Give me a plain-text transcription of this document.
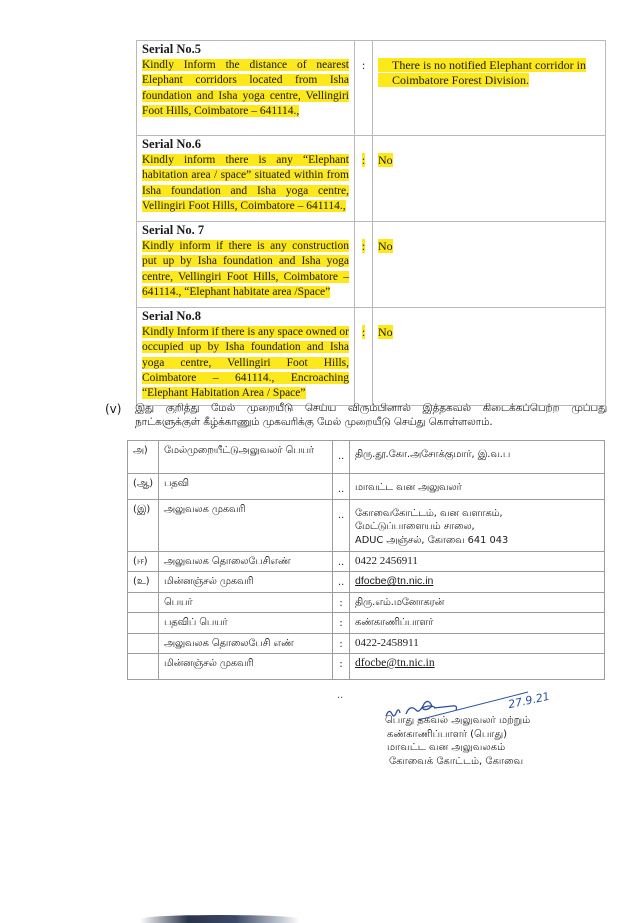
Serial No.5
Kindly Inform the distance of nearest Elephant corridors located from Isha foundation and Isha yoga centre, Vellingiri Foot Hills, Coimbatore – 641114.,	:	There is no notified Elephant corridor in Coimbatore Forest Division.

Serial No.6
Kindly inform there is any “Elephant habitation area / space” situated within from Isha foundation and Isha yoga centre, Vellingiri Foot Hills, Coimbatore – 641114.,	:	No

Serial No. 7
Kindly inform if there is any construction put up by Isha foundation and Isha yoga centre, Vellingiri Foot Hills, Coimbatore – 641114., “Elephant habitate area /Space”	:	No

Serial No.8
Kindly Inform if there is any space owned or occupied up by Isha foundation and Isha yoga centre, Vellingiri Foot Hills, Coimbatore – 641114., Encroaching “Elephant Habitation Area / Space”	:	No
(v) இது குறித்து மேல் முறையீடு செய்ய விரும்பினால் இத்தகவல் கிடைக்கப்பெற்ற முப்பது நாட்களுக்குள் கீழ்க்காணும் முகவரிக்கு மேல் முறையீடு செய்து கொள்ளலாம்.
அ)	மேல்முறையீட்டுஅலுவலர் பெயர்	..	திரு.தூ.கோ.அசோக்குமார், இ.வ.ப
(ஆ)	பதவி	..	மாவட்ட வன அலுவலர்
(இ)	அலுவலக முகவரி	..	கோவைகோட்டம், வன வளாகம்,
மேட்டுப்பாளையம் சாலை,
ADUC அஞ்சல், கோவை 641 043

(ஈ)	அலுவலக தொலைபேசிஎண்	..	0422 2456911
(உ)	மின்னஞ்சல் முகவரி	..	dfocbe@tn.nic.in
	பெயர்	:	திரு.எம்.மனோகரன்
	பதவிப் பெயர்	:	கண்காணிப்பாளர்
	அலுவலக தொலைபேசி எண்	:	0422-2458911
	மின்னஞ்சல் முகவரி	:	dfocbe@tn.nic.in
..	27.9.21
பொது தகவல் அலுவலர் மற்றும்
கண்காணிப்பாளர் (பொது)
மாவட்ட வன அலுவலகம்
கோவைக் கோட்டம், கோவை
